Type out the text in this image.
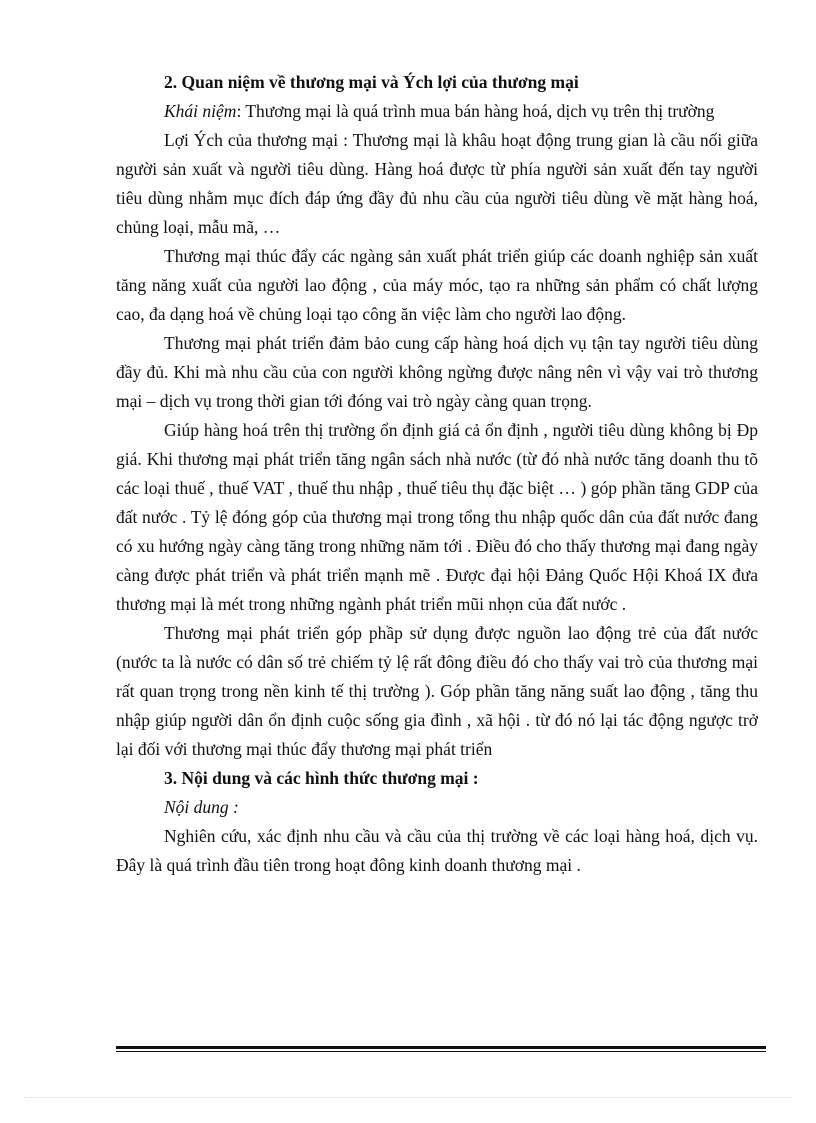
2. Quan niệm về thương mại và Ých lợi của thương mại

Khái niệm: Thương mại là quá trình mua bán hàng hoá, dịch vụ trên thị trường

Lợi Ých của thương mại : Thương mại là khâu hoạt động trung gian là cầu nối giữa người sản xuất và người tiêu dùng. Hàng hoá được từ phía người sản xuất đến tay người tiêu dùng nhằm mục đích đáp ứng đầy đủ nhu cầu của người tiêu dùng về mặt hàng hoá, chủng loại, mẫu mã, …

Thương mại thúc đẩy các ngàng sản xuất phát triển giúp các doanh nghiệp sản xuất tăng năng xuất của người lao động , của máy móc, tạo ra những sản phẩm có chất lượng cao, đa dạng hoá về chủng loại tạo công ăn việc làm cho người lao động.

Thương mại phát triển đảm bảo cung cấp hàng hoá dịch vụ tận tay người tiêu dùng đầy đủ. Khi mà nhu cầu của con người không ngừng được nâng nên vì vậy vai trò thương mại – dịch vụ trong thời gian tới đóng vai trò ngày càng quan trọng.

Giúp hàng hoá trên thị trường ổn định giá cả ổn định , người tiêu dùng không bị Ðp giá. Khi thương mại phát triển tăng ngân sách nhà nước (từ đó nhà nước tăng doanh thu tõ các loại thuế , thuế VAT , thuế thu nhập , thuế tiêu thụ đặc biệt … ) góp phần tăng GDP của đất nước . Tỷ lệ đóng góp của thương mại trong tổng thu nhập quốc dân của đất nước đang có xu hướng ngày càng tăng trong những năm tới . Điều đó cho thấy thương mại đang ngày càng được phát triển và phát triển mạnh mẽ . Được đại hội Đảng Quốc Hội Khoá IX đưa thương mại là mét trong những ngành phát triển mũi nhọn của đất nước .

Thương mại phát triển góp phầp sử dụng được nguồn lao động trẻ của đất nước (nước ta là nước có dân số trẻ chiếm tỷ lệ rất đông điều đó cho thấy vai trò của thương mại rất quan trọng trong nền kinh tế thị trường ). Góp phần tăng năng suất lao động , tăng thu nhập giúp người dân ổn định cuộc sống gia đình , xã hội . từ đó nó lại tác động ngược trở lại đối với thương mại thúc đẩy thương mại phát triển

3. Nội dung và các hình thức thương mại :

Nội dung :

Nghiên cứu, xác định nhu cầu và cầu của thị trường về các loại hàng hoá, dịch vụ. Đây là quá trình đầu tiên trong hoạt đông kinh doanh thương mại .
